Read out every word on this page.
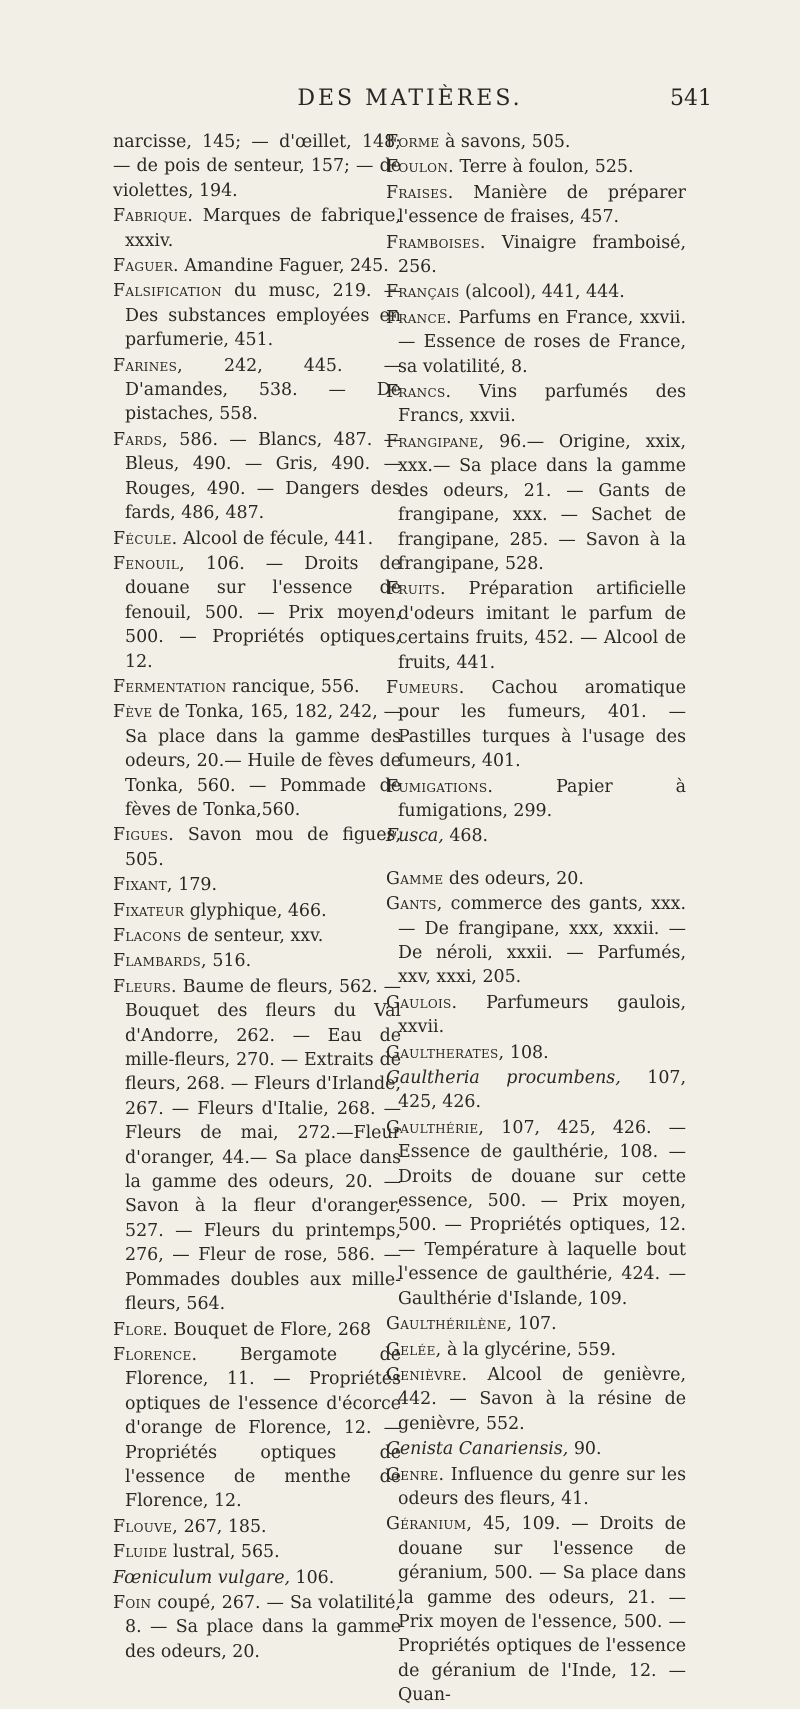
DES MATIÈRES.	541

narcisse, 145; — d'œillet, 148; — de pois de senteur, 157; — de violettes, 194.

Fabrique. Marques de fabrique, xxxiv.

Faguer. Amandine Faguer, 245.

Falsification du musc, 219. — Des substances employées en parfumerie, 451.

Farines, 242, 445. — D'amandes, 538. — De pistaches, 558.

Fards, 586. — Blancs, 487. — Bleus, 490. — Gris, 490. — Rouges, 490. — Dangers des fards, 486, 487.

Fécule. Alcool de fécule, 441.

Fenouil, 106. — Droits de douane sur l'essence de fenouil, 500. — Prix moyen, 500. — Propriétés optiques, 12.

Fermentation rancique, 556.

Fève de Tonka, 165, 182, 242, — Sa place dans la gamme des odeurs, 20.— Huile de fèves de Tonka, 560. — Pommade de fèves de Tonka,560.

Figues. Savon mou de figues, 505.

Fixant, 179.

Fixateur glyphique, 466.

Flacons de senteur, xxv.

Flambards, 516.

Fleurs. Baume de fleurs, 562. — Bouquet des fleurs du Val d'Andorre, 262. — Eau de mille-fleurs, 270. — Extraits de fleurs, 268. — Fleurs d'Irlande, 267. — Fleurs d'Italie, 268. — Fleurs de mai, 272.—Fleur d'oranger, 44.— Sa place dans la gamme des odeurs, 20. — Savon à la fleur d'oranger, 527. — Fleurs du printemps, 276, — Fleur de rose, 586. — Pommades doubles aux mille-fleurs, 564.

Flore. Bouquet de Flore, 268

Florence. Bergamote de Florence, 11. — Propriétés optiques de l'essence d'écorce d'orange de Florence, 12. — Propriétés optiques de l'essence de menthe de Florence, 12.

Flouve, 267, 185.

Fluide lustral, 565.

Fœniculum vulgare, 106.

Foin coupé, 267. — Sa volatilité, 8. — Sa place dans la gamme des odeurs, 20.

Forme à savons, 505.

Foulon. Terre à foulon, 525.

Fraises. Manière de préparer l'essence de fraises, 457.

Framboises. Vinaigre framboisé, 256.

Français (alcool), 441, 444.

France. Parfums en France, xxvii. — Essence de roses de France, sa volatilité, 8.

Francs. Vins parfumés des Francs, xxvii.

Frangipane, 96.— Origine, xxix, xxx.— Sa place dans la gamme des odeurs, 21. — Gants de frangipane, xxx. — Sachet de frangipane, 285. — Savon à la frangipane, 528.

Fruits. Préparation artificielle d'odeurs imitant le parfum de certains fruits, 452. — Alcool de fruits, 441.

Fumeurs. Cachou aromatique pour les fumeurs, 401. — Pastilles turques à l'usage des fumeurs, 401.

Fumigations. Papier à fumigations, 299.

Fusca, 468.

Gamme des odeurs, 20.

Gants, commerce des gants, xxx.— De frangipane, xxx, xxxii. — De néroli, xxxii. — Parfumés, xxv, xxxi, 205.

Gaulois. Parfumeurs gaulois, xxvii.

Gaultherates, 108.

Gaultheria procumbens, 107, 425, 426.

Gaulthérie, 107, 425, 426. — Essence de gaulthérie, 108. — Droits de douane sur cette essence, 500. — Prix moyen, 500. — Propriétés optiques, 12. — Température à laquelle bout l'essence de gaulthérie, 424. — Gaulthérie d'Islande, 109.

Gaulthérilène, 107.

Gelée, à la glycérine, 559.

Genièvre. Alcool de genièvre, 442. — Savon à la résine de genièvre, 552.

Genista Canariensis, 90.

Genre. Influence du genre sur les odeurs des fleurs, 41.

Géranium, 45, 109. — Droits de douane sur l'essence de géranium, 500. — Sa place dans la gamme des odeurs, 21. — Prix moyen de l'essence, 500. — Propriétés optiques de l'essence de géranium de l'Inde, 12. — Quan-
